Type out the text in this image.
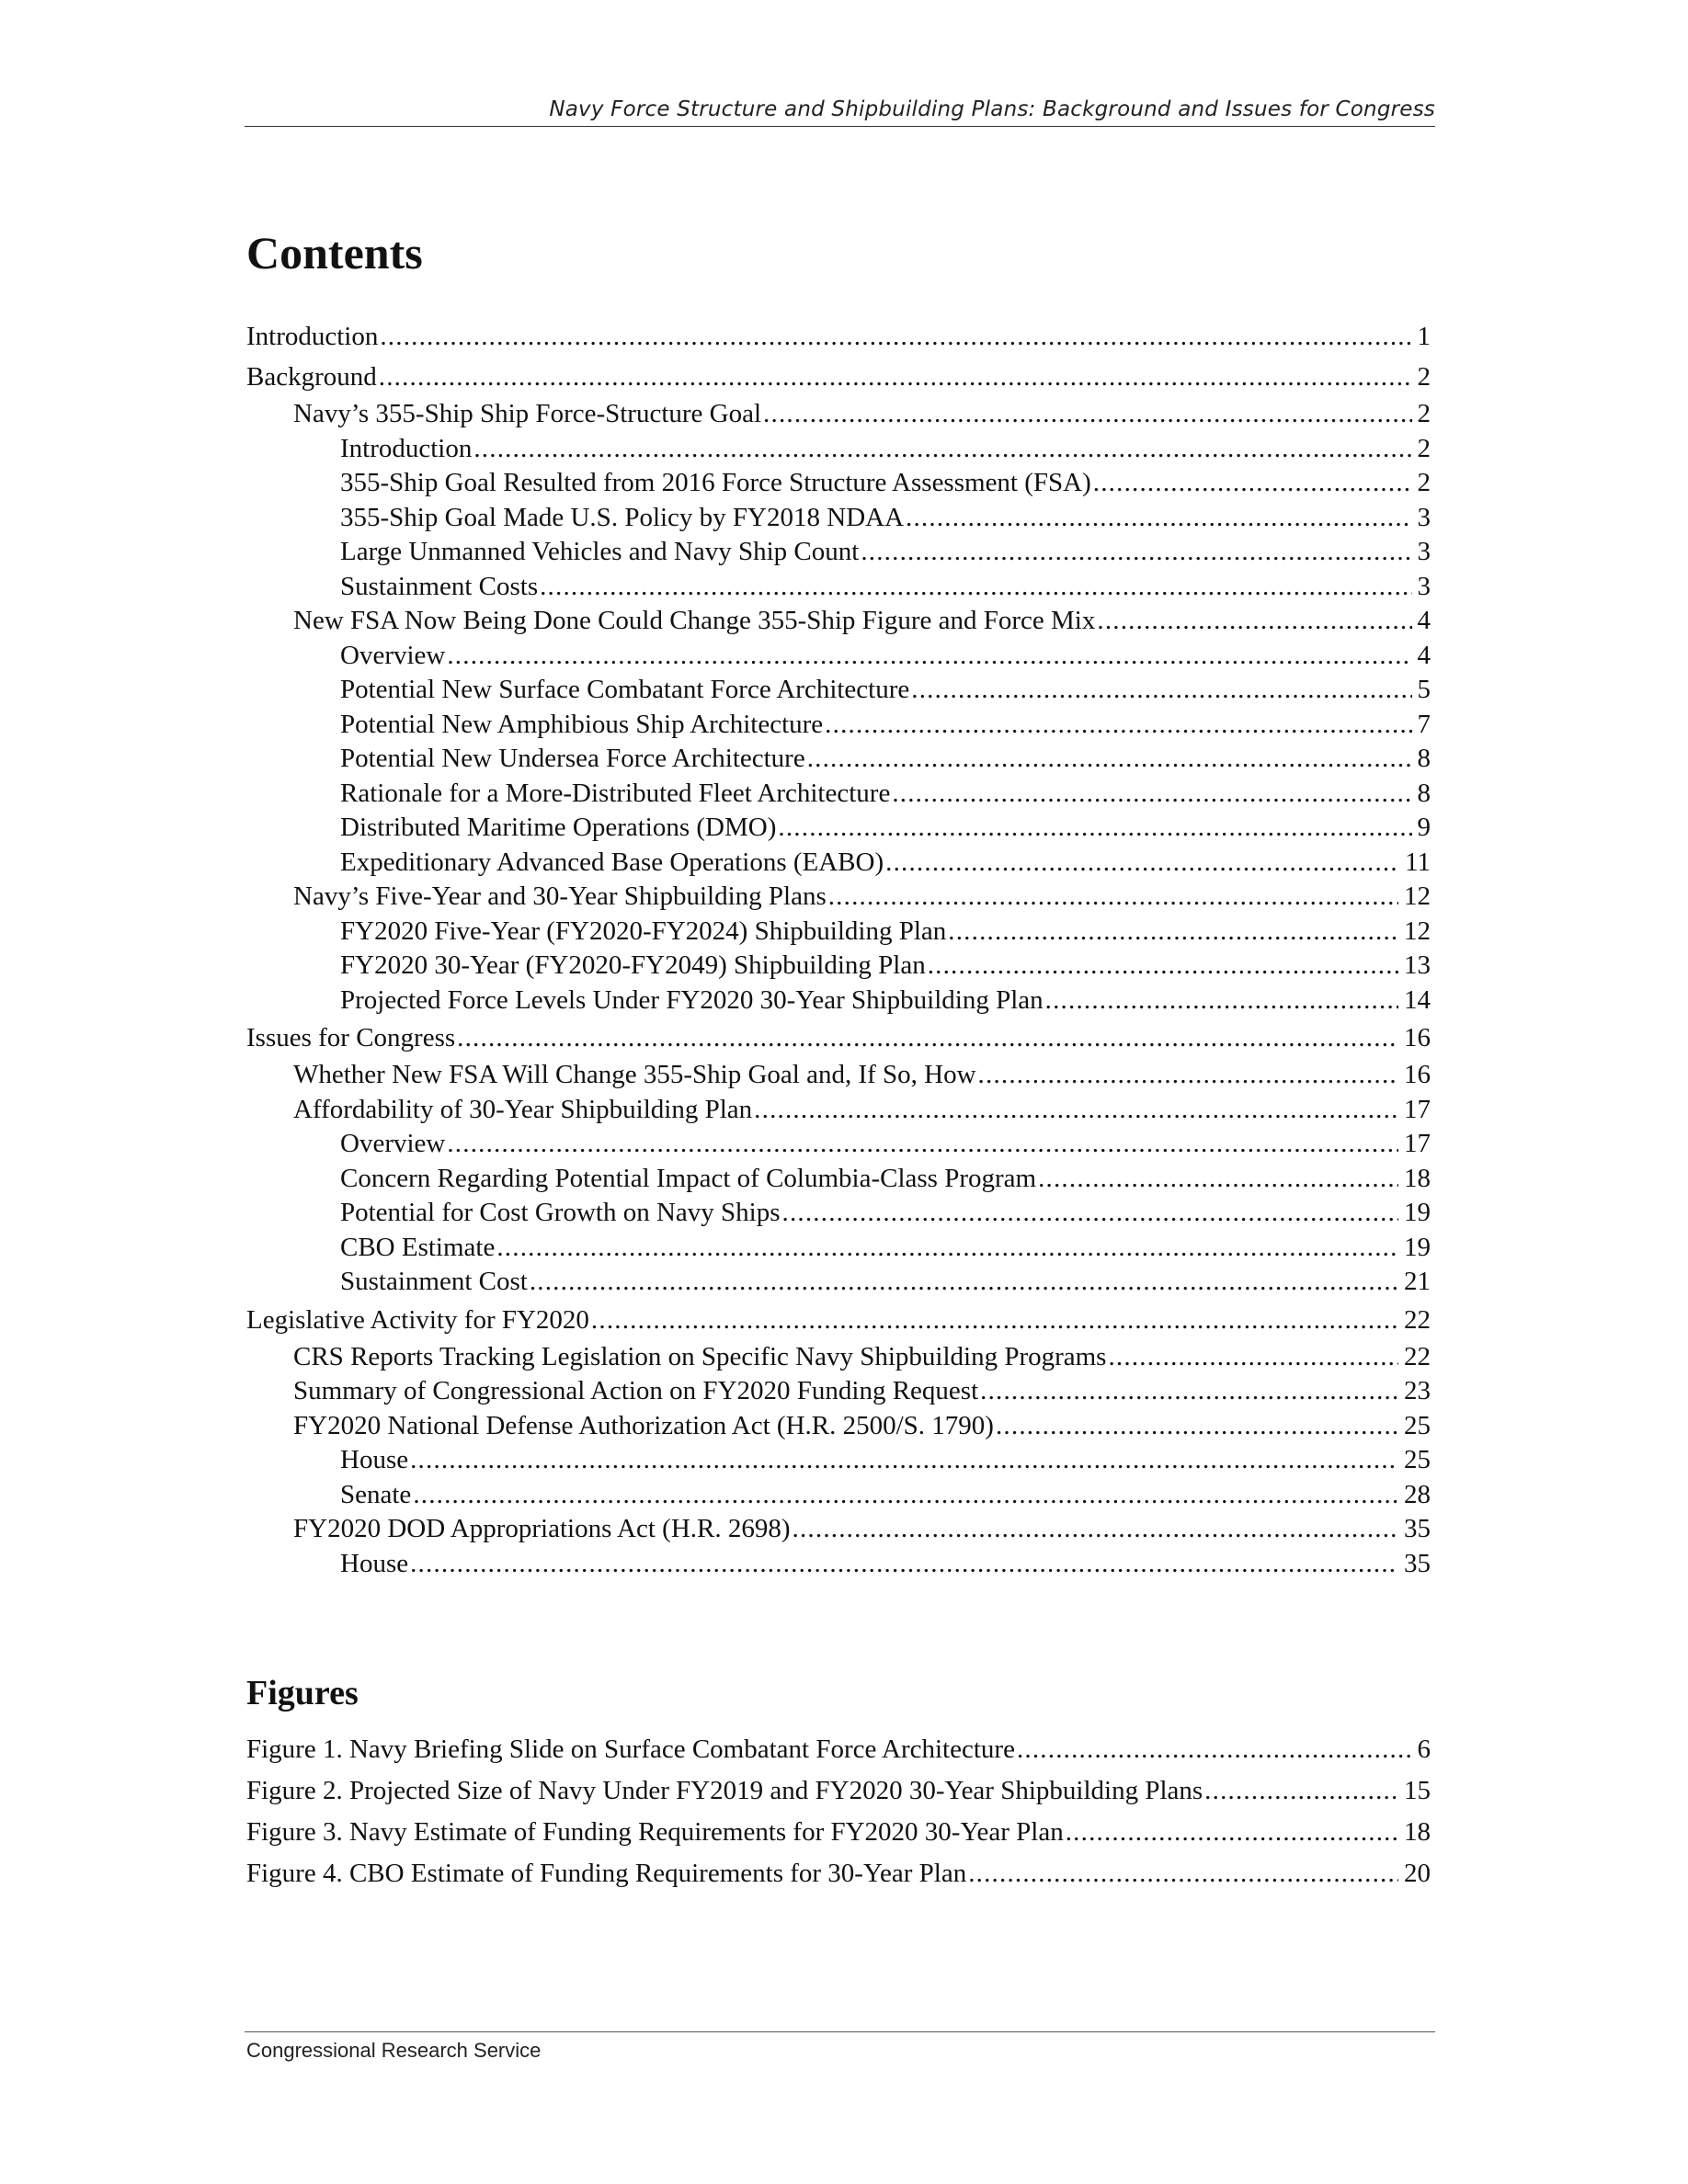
Navy Force Structure and Shipbuilding Plans: Background and Issues for Congress
Contents
Introduction .....	1
Background .....	2
Navy’s 355-Ship Ship Force-Structure Goal .....	2
Introduction .....	2
355-Ship Goal Resulted from 2016 Force Structure Assessment (FSA) .....	2
355-Ship Goal Made U.S. Policy by FY2018 NDAA .....	3
Large Unmanned Vehicles and Navy Ship Count .....	3
Sustainment Costs .....	3
New FSA Now Being Done Could Change 355-Ship Figure and Force Mix .....	4
Overview .....	4
Potential New Surface Combatant Force Architecture .....	5
Potential New Amphibious Ship Architecture .....	7
Potential New Undersea Force Architecture .....	8
Rationale for a More-Distributed Fleet Architecture .....	8
Distributed Maritime Operations (DMO) .....	9
Expeditionary Advanced Base Operations (EABO) .....	11
Navy’s Five-Year and 30-Year Shipbuilding Plans .....	12
FY2020 Five-Year (FY2020-FY2024) Shipbuilding Plan .....	12
FY2020 30-Year (FY2020-FY2049) Shipbuilding Plan .....	13
Projected Force Levels Under FY2020 30-Year Shipbuilding Plan .....	14
Issues for Congress .....	16
Whether New FSA Will Change 355-Ship Goal and, If So, How .....	16
Affordability of 30-Year Shipbuilding Plan .....	17
Overview .....	17
Concern Regarding Potential Impact of Columbia-Class Program .....	18
Potential for Cost Growth on Navy Ships .....	19
CBO Estimate .....	19
Sustainment Cost .....	21
Legislative Activity for FY2020 .....	22
CRS Reports Tracking Legislation on Specific Navy Shipbuilding Programs .....	22
Summary of Congressional Action on FY2020 Funding Request .....	23
FY2020 National Defense Authorization Act (H.R. 2500/S. 1790) .....	25
House .....	25
Senate .....	28
FY2020 DOD Appropriations Act (H.R. 2698) .....	35
House .....	35
Figures
Figure 1. Navy Briefing Slide on Surface Combatant Force Architecture .....	6
Figure 2. Projected Size of Navy Under FY2019 and FY2020 30-Year Shipbuilding Plans .....	15
Figure 3. Navy Estimate of Funding Requirements for FY2020 30-Year Plan .....	18
Figure 4. CBO Estimate of Funding Requirements for 30-Year Plan .....	20
Congressional Research Service
